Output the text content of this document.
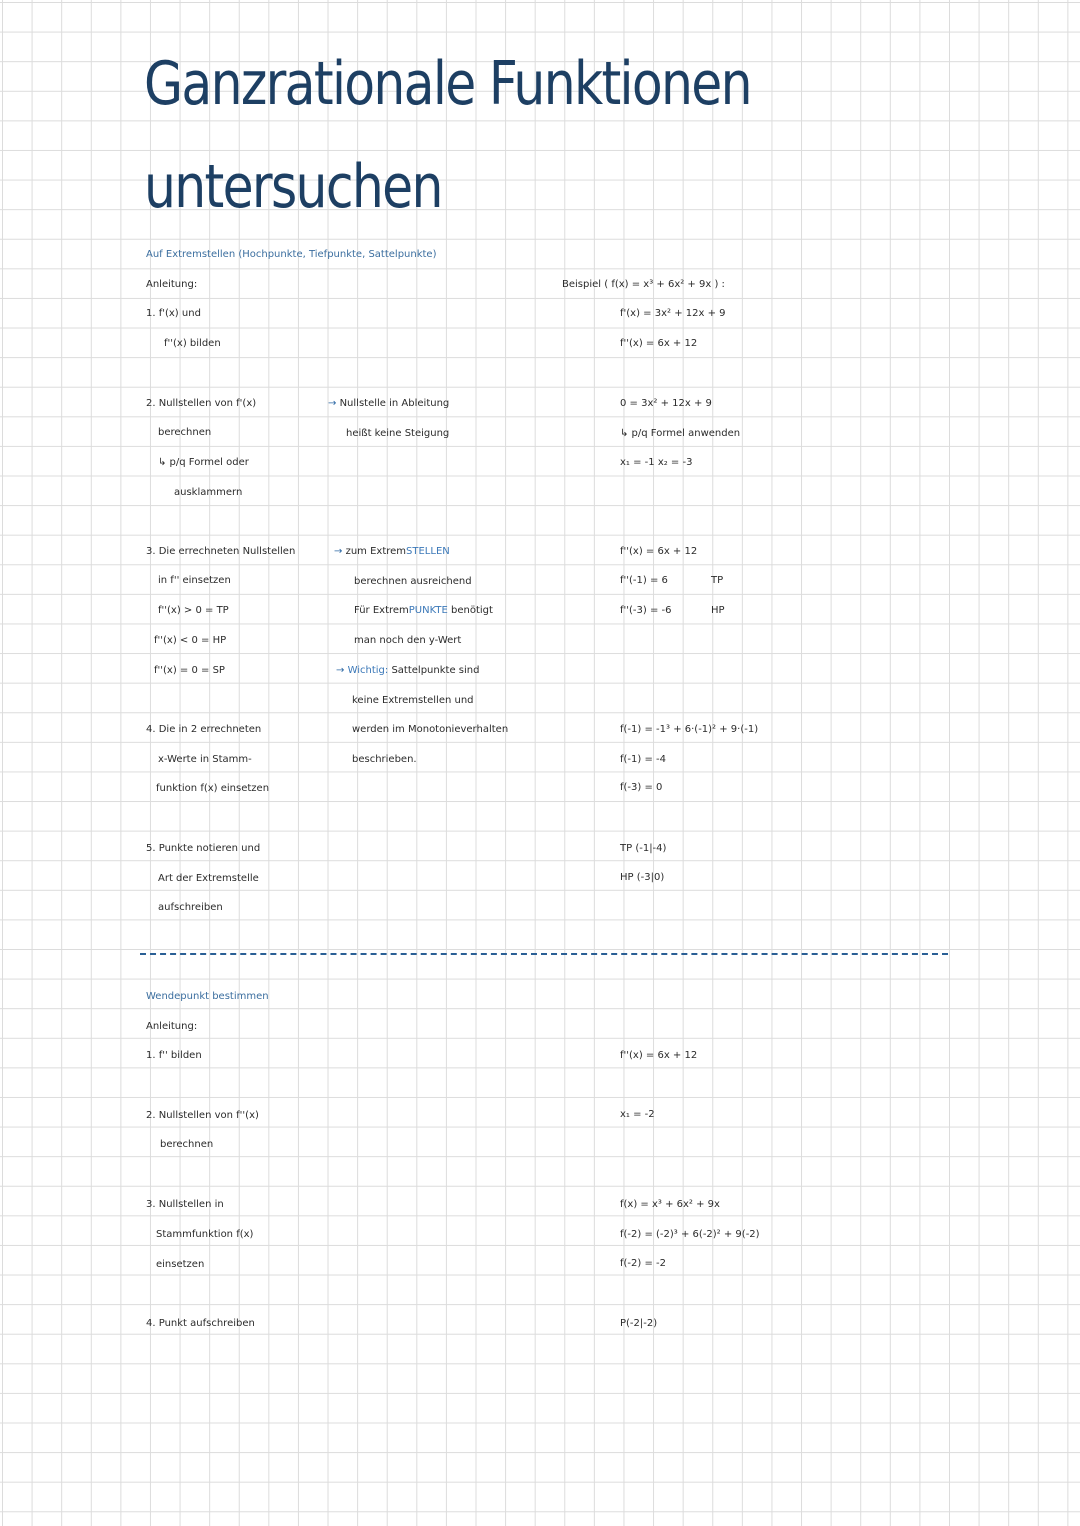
Ganzrationale Funktionen
untersuchen
Auf Extremstellen (Hochpunkte, Tiefpunkte, Sattelpunkte)
Anleitung:
1. f'(x) und
f''(x) bilden
2. Nullstellen von f'(x)
berechnen
↳ p/q Formel oder
ausklammern
3. Die errechneten Nullstellen
in f'' einsetzen
f''(x) > 0 = TP
f''(x) < 0 = HP
f''(x) = 0 = SP
4. Die in 2 errechneten
x-Werte in Stamm-
funktion f(x) einsetzen
5. Punkte notieren und
Art der Extremstelle
aufschreiben
→ Nullstelle in Ableitung
heißt keine Steigung
→ zum ExtremSTELLEN
berechnen ausreichend
Für ExtremPUNKTE benötigt
man noch den y-Wert
→ Wichtig: Sattelpunkte sind
keine Extremstellen und
werden im Monotonieverhalten
beschrieben.
Beispiel ( f(x) = x³ + 6x² + 9x ) :
f'(x) = 3x² + 12x + 9
f''(x) = 6x + 12
0 = 3x² + 12x + 9
↳ p/q Formel anwenden
x₁ = -1 x₂ = -3
f''(x) = 6x + 12
f''(-1) = 6	TP
f''(-3) = -6	HP
f(-1) = -1³ + 6·(-1)² + 9·(-1)
f(-1) = -4
f(-3) = 0
TP (-1|-4)
HP (-3|0)
Wendepunkt bestimmen
Anleitung:
1. f'' bilden
2. Nullstellen von f''(x)
berechnen
3. Nullstellen in
Stammfunktion f(x)
einsetzen
4. Punkt aufschreiben
f''(x) = 6x + 12
x₁ = -2
f(x) = x³ + 6x² + 9x
f(-2) = (-2)³ + 6(-2)² + 9(-2)
f(-2) = -2
P(-2|-2)
